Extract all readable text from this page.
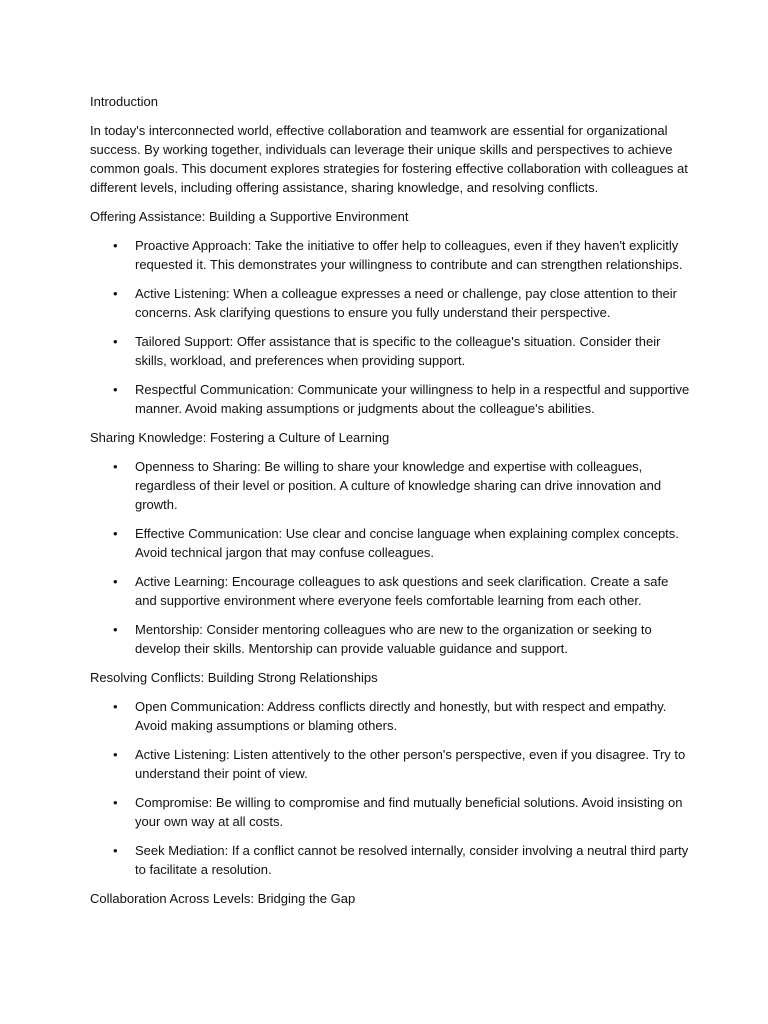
Introduction

In today's interconnected world, effective collaboration and teamwork are essential for organizational success. By working together, individuals can leverage their unique skills and perspectives to achieve common goals. This document explores strategies for fostering effective collaboration with colleagues at different levels, including offering assistance, sharing knowledge, and resolving conflicts.

Offering Assistance: Building a Supportive Environment

• Proactive Approach: Take the initiative to offer help to colleagues, even if they haven't explicitly requested it. This demonstrates your willingness to contribute and can strengthen relationships.
• Active Listening: When a colleague expresses a need or challenge, pay close attention to their concerns. Ask clarifying questions to ensure you fully understand their perspective.
• Tailored Support: Offer assistance that is specific to the colleague's situation. Consider their skills, workload, and preferences when providing support.
• Respectful Communication: Communicate your willingness to help in a respectful and supportive manner. Avoid making assumptions or judgments about the colleague's abilities.

Sharing Knowledge: Fostering a Culture of Learning

• Openness to Sharing: Be willing to share your knowledge and expertise with colleagues, regardless of their level or position. A culture of knowledge sharing can drive innovation and growth.
• Effective Communication: Use clear and concise language when explaining complex concepts. Avoid technical jargon that may confuse colleagues.
• Active Learning: Encourage colleagues to ask questions and seek clarification. Create a safe and supportive environment where everyone feels comfortable learning from each other.
• Mentorship: Consider mentoring colleagues who are new to the organization or seeking to develop their skills. Mentorship can provide valuable guidance and support.

Resolving Conflicts: Building Strong Relationships

• Open Communication: Address conflicts directly and honestly, but with respect and empathy. Avoid making assumptions or blaming others.
• Active Listening: Listen attentively to the other person's perspective, even if you disagree. Try to understand their point of view.
• Compromise: Be willing to compromise and find mutually beneficial solutions. Avoid insisting on your own way at all costs.
• Seek Mediation: If a conflict cannot be resolved internally, consider involving a neutral third party to facilitate a resolution.

Collaboration Across Levels: Bridging the Gap
